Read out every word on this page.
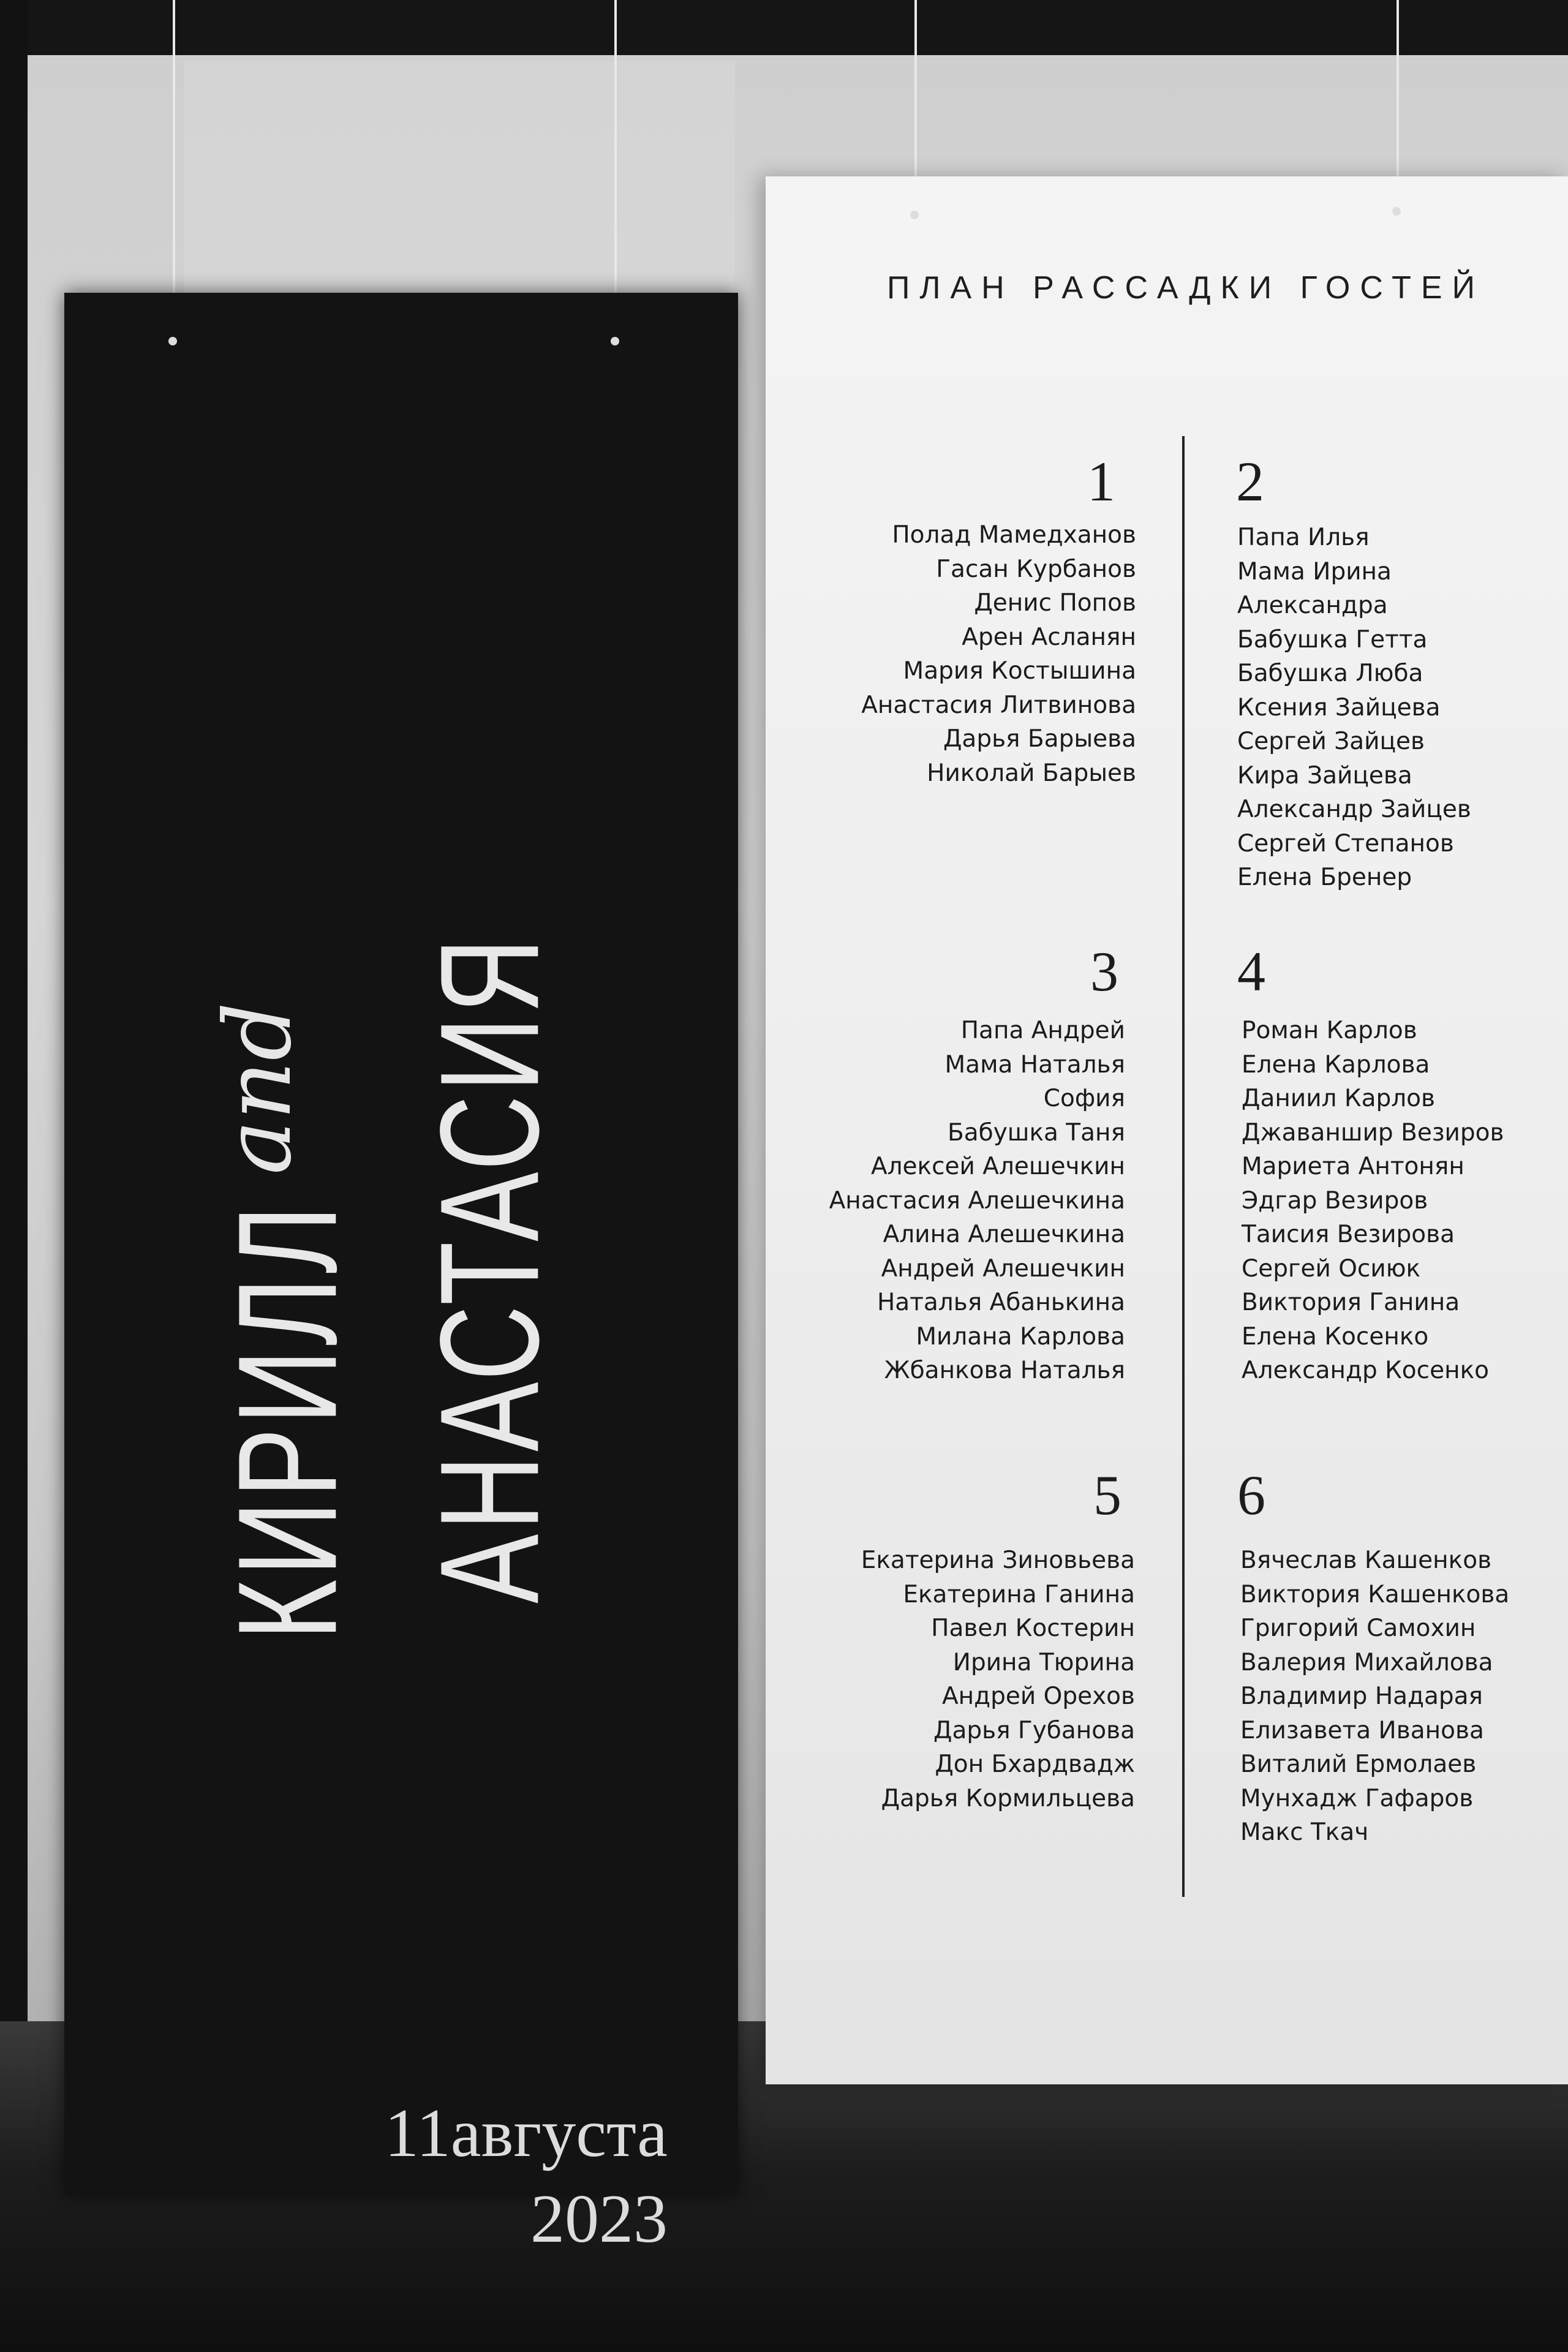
КИРИЛЛ
and АНАСТАСИЯ
11августа
2023
ПЛАН РАССАДКИ ГОСТЕЙ
1
Полад Мамедханов
Гасан Курбанов
Денис Попов
Арен Асланян
Мария Костышина
Анастасия Литвинова
Дарья Барыева
Николай Барыев
2
Папа Илья
Мама Ирина
Александра
Бабушка Гетта
Бабушка Люба
Ксения Зайцева
Сергей Зайцев
Кира Зайцева
Александр Зайцев
Сергей Степанов
Елена Бренер
3
Папа Андрей
Мама Наталья
София
Бабушка Таня
Алексей Алешечкин
Анастасия Алешечкина
Алина Алешечкина
Андрей Алешечкин
Наталья Абанькина
Милана Карлова
Жбанкова Наталья
4
Роман Карлов
Елена Карлова
Даниил Карлов
Джаваншир Везиров
Мариета Антонян
Эдгар Везиров
Таисия Везирова
Сергей Осиюк
Виктория Ганина
Елена Косенко
Александр Косенко
5
Екатерина Зиновьева
Екатерина Ганина
Павел Костерин
Ирина Тюрина
Андрей Орехов
Дарья Губанова
Дон Бхардвадж
Дарья Кормильцева
6
Вячеслав Кашенков
Виктория Кашенкова
Григорий Самохин
Валерия Михайлова
Владимир Надарая
Елизавета Иванова
Виталий Ермолаев
Мунхадж Гафаров
Макс Ткач
